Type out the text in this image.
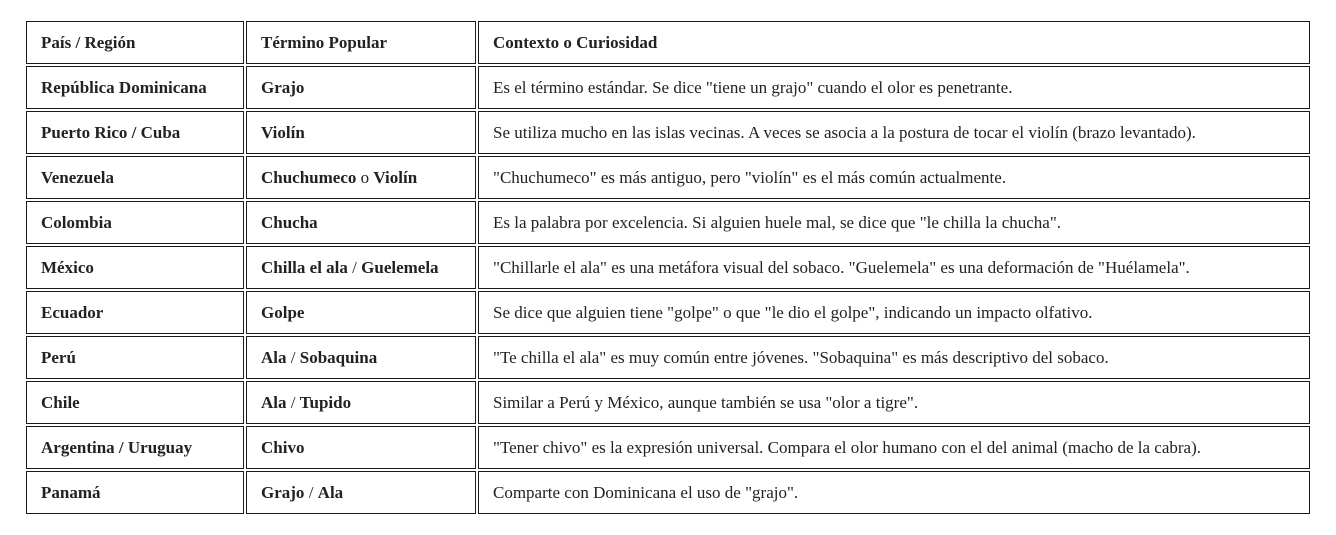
País / Región	Término Popular	Contexto o Curiosidad
República Dominicana	Grajo	Es el término estándar. Se dice "tiene un grajo" cuando el olor es penetrante.
Puerto Rico / Cuba	Violín	Se utiliza mucho en las islas vecinas. A veces se asocia a la postura de tocar el violín (brazo levantado).
Venezuela	Chuchumeco o Violín	"Chuchumeco" es más antiguo, pero "violín" es el más común actualmente.
Colombia	Chucha	Es la palabra por excelencia. Si alguien huele mal, se dice que "le chilla la chucha".
México	Chilla el ala / Guelemela	"Chillarle el ala" es una metáfora visual del sobaco. "Guelemela" es una deformación de "Huélamela".
Ecuador	Golpe	Se dice que alguien tiene "golpe" o que "le dio el golpe", indicando un impacto olfativo.
Perú	Ala / Sobaquina	"Te chilla el ala" es muy común entre jóvenes. "Sobaquina" es más descriptivo del sobaco.
Chile	Ala / Tupido	Similar a Perú y México, aunque también se usa "olor a tigre".
Argentina / Uruguay	Chivo	"Tener chivo" es la expresión universal. Compara el olor humano con el del animal (macho de la cabra).
Panamá	Grajo / Ala	Comparte con Dominicana el uso de "grajo".
